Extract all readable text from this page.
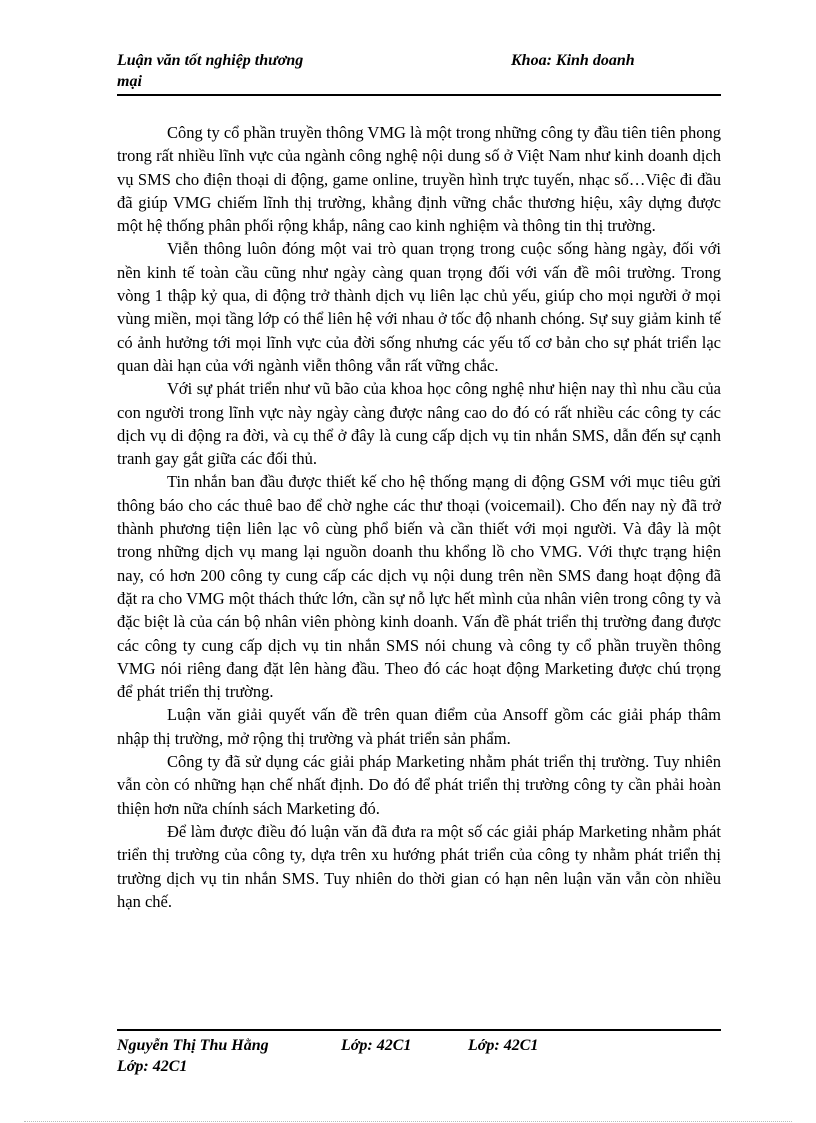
Luận văn tốt nghiệp thương mại
Khoa: Kinh doanh

Công ty cổ phần truyền thông VMG là một trong những công ty đầu tiên tiên phong trong rất nhiều lĩnh vực của ngành công nghệ nội dung số ở Việt Nam như kinh doanh dịch vụ SMS cho điện thoại di động, game online, truyền hình trực tuyến, nhạc số…Việc đi đầu đã giúp VMG chiếm lĩnh thị trường, khẳng định vững chắc thương hiệu, xây dựng được một hệ thống phân phối rộng khắp, nâng cao kinh nghiệm và thông tin thị trường.

Viễn thông luôn đóng một vai trò quan trọng trong cuộc sống hàng ngày, đối với nền kinh tế toàn cầu cũng như ngày càng quan trọng đối với vấn đề môi trường. Trong vòng 1 thập kỷ qua, di động trở thành dịch vụ liên lạc chủ yếu, giúp cho mọi người ở mọi vùng miền, mọi tầng lớp có thể liên hệ với nhau ở tốc độ nhanh chóng. Sự suy giảm kinh tế có ảnh hưởng tới mọi lĩnh vực của đời sống nhưng các yếu tố cơ bản cho sự phát triển lạc quan dài hạn của với ngành viễn thông vẫn rất vững chắc.

Với sự phát triển như vũ bão của khoa học công nghệ như hiện nay thì nhu cầu của con người trong lĩnh vực này ngày càng được nâng cao do đó có rất nhiều các công ty các dịch vụ di động ra đời, và cụ thể ở đây là cung cấp dịch vụ tin nhắn SMS, dẫn đến sự cạnh tranh gay gắt giữa các đối thủ.

Tin nhắn ban đầu được thiết kế cho hệ thống mạng di động GSM với mục tiêu gửi thông báo cho các thuê bao để chờ nghe các thư thoại (voicemail). Cho đến nay nỳ đã trở thành phương tiện liên lạc vô cùng phổ biến và cần thiết với mọi người. Và đây là một trong những dịch vụ mang lại nguồn doanh thu khổng lồ cho VMG. Với thực trạng hiện nay, có hơn 200 công ty cung cấp các dịch vụ nội dung trên nền SMS đang hoạt động đã đặt ra cho VMG một thách thức lớn, cần sự nỗ lực hết mình của nhân viên trong công ty và đặc biệt là của cán bộ nhân viên phòng kinh doanh. Vấn đề phát triển thị trường đang được các công ty cung cấp dịch vụ tin nhắn SMS nói chung và công ty cổ phần truyền thông VMG nói riêng đang đặt lên hàng đầu. Theo đó các hoạt động Marketing được chú trọng để phát triển thị trường.

Luận văn giải quyết vấn đề trên quan điểm của Ansoff gồm các giải pháp thâm nhập thị trường, mở rộng thị trường và phát triển sản phẩm.

Công ty đã sử dụng các giải pháp Marketing nhằm phát triển thị trường. Tuy nhiên vẫn còn có những hạn chế nhất định. Do đó để phát triển thị trường công ty cần phải hoàn thiện hơn nữa chính sách Marketing đó.

Để làm được điều đó luận văn đã đưa ra một số các giải pháp Marketing nhằm phát triển thị trường của công ty, dựa trên xu hướng phát triển của công ty nhằm phát triển thị trường dịch vụ tin nhắn SMS. Tuy nhiên do thời gian có hạn nên luận văn vẫn còn nhiều hạn chế.

Nguyễn Thị Thu Hằng	Lớp: 42C1	Lớp: 42C1
Lớp: 42C1
